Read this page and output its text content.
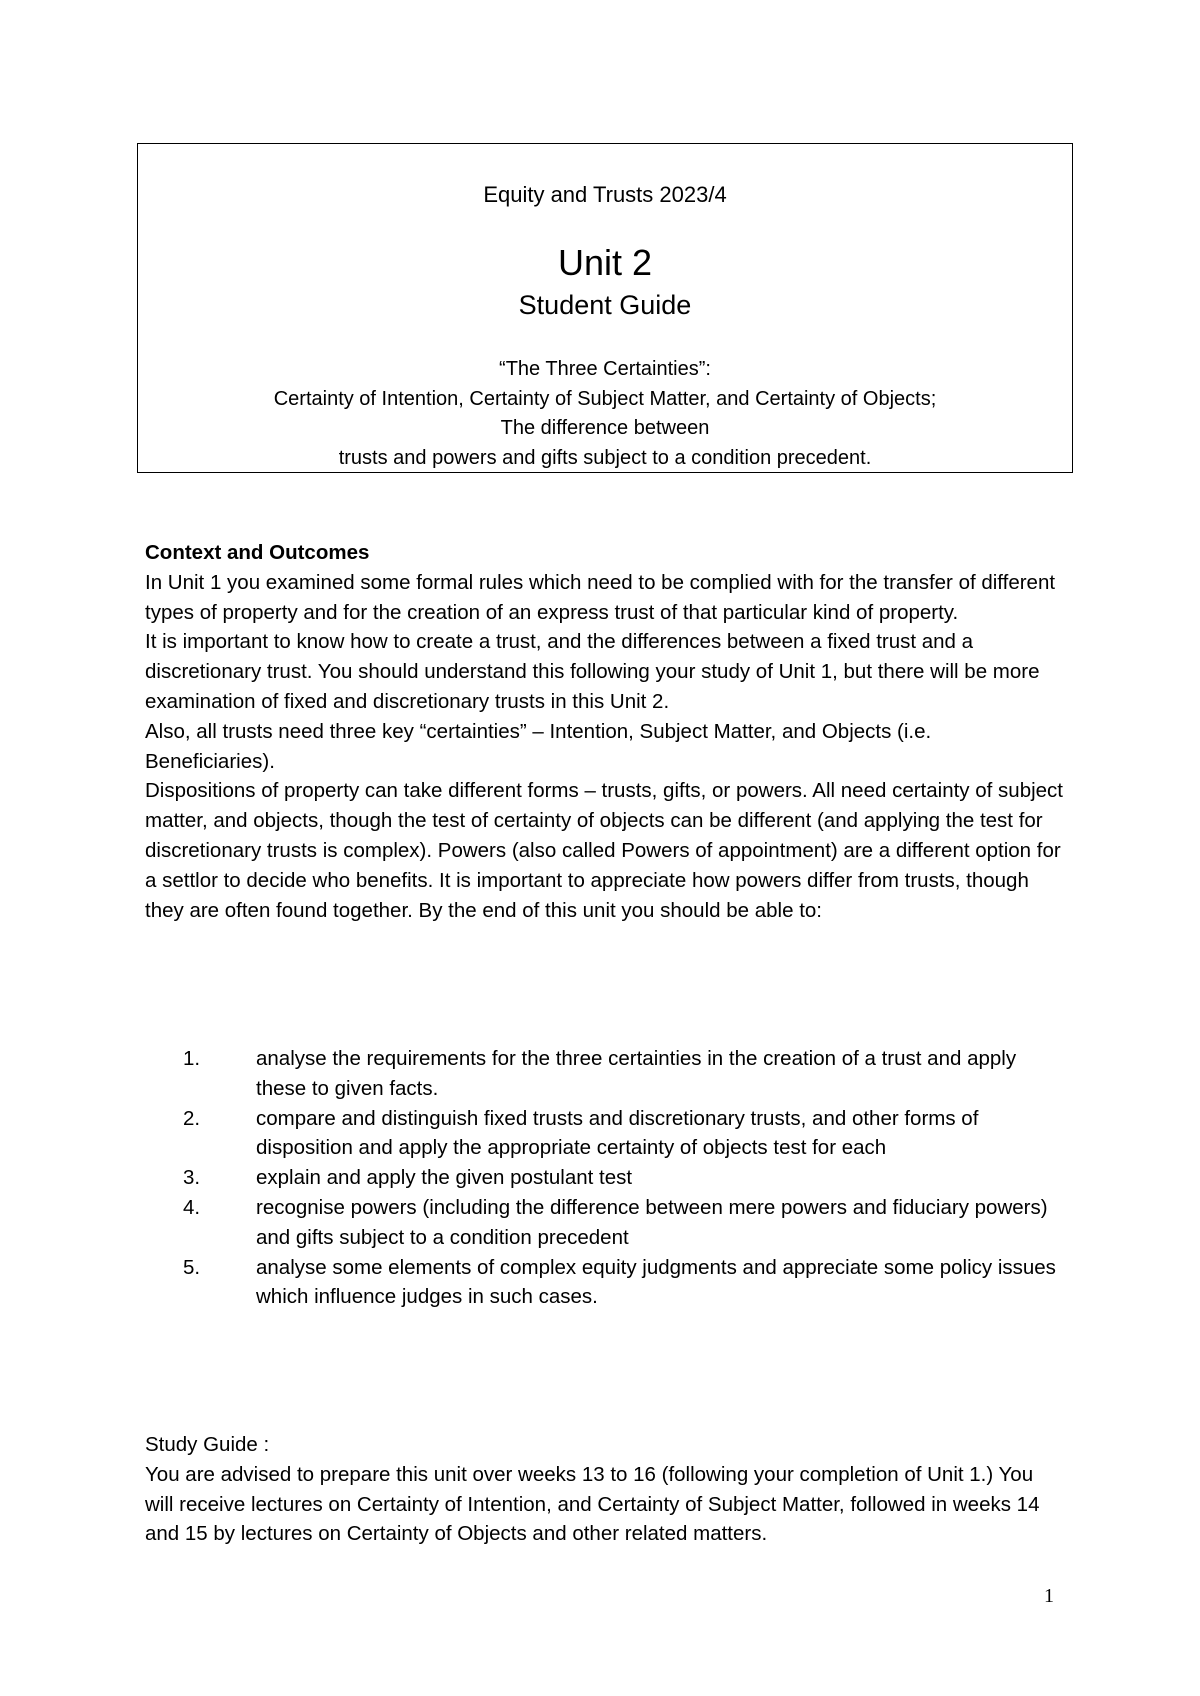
Equity and Trusts 2023/4
Unit 2
Student Guide
“The Three Certainties”:
Certainty of Intention, Certainty of Subject Matter, and Certainty of Objects;
The difference between
trusts and powers and gifts subject to a condition precedent.
Context and Outcomes

In Unit 1 you examined some formal rules which need to be complied with for the transfer of different types of property and for the creation of an express trust of that particular kind of property.

It is important to know how to create a trust, and the differences between a fixed trust and a discretionary trust. You should understand this following your study of Unit 1, but there will be more examination of fixed and discretionary trusts in this Unit 2.

Also, all trusts need three key “certainties” – Intention, Subject Matter, and Objects (i.e. Beneficiaries).

Dispositions of property can take different forms – trusts, gifts, or powers. All need certainty of subject matter, and objects, though the test of certainty of objects can be different (and applying the test for discretionary trusts is complex). Powers (also called Powers of appointment) are a different option for a settlor to decide who benefits. It is important to appreciate how powers differ from trusts, though they are often found together. By the end of this unit you should be able to:

1.	analyse the requirements for the three certainties in the creation of a trust and apply these to given facts.
2.	compare and distinguish fixed trusts and discretionary trusts, and other forms of disposition and apply the appropriate certainty of objects test for each
3.	explain and apply the given postulant test
4.	recognise powers (including the difference between mere powers and fiduciary powers) and gifts subject to a condition precedent
5.	analyse some elements of complex equity judgments and appreciate some policy issues which influence judges in such cases.
Study Guide :

You are advised to prepare this unit over weeks 13 to 16 (following your completion of Unit 1.) You will receive lectures on Certainty of Intention, and Certainty of Subject Matter, followed in weeks 14 and 15 by lectures on Certainty of Objects and other related matters.

1
